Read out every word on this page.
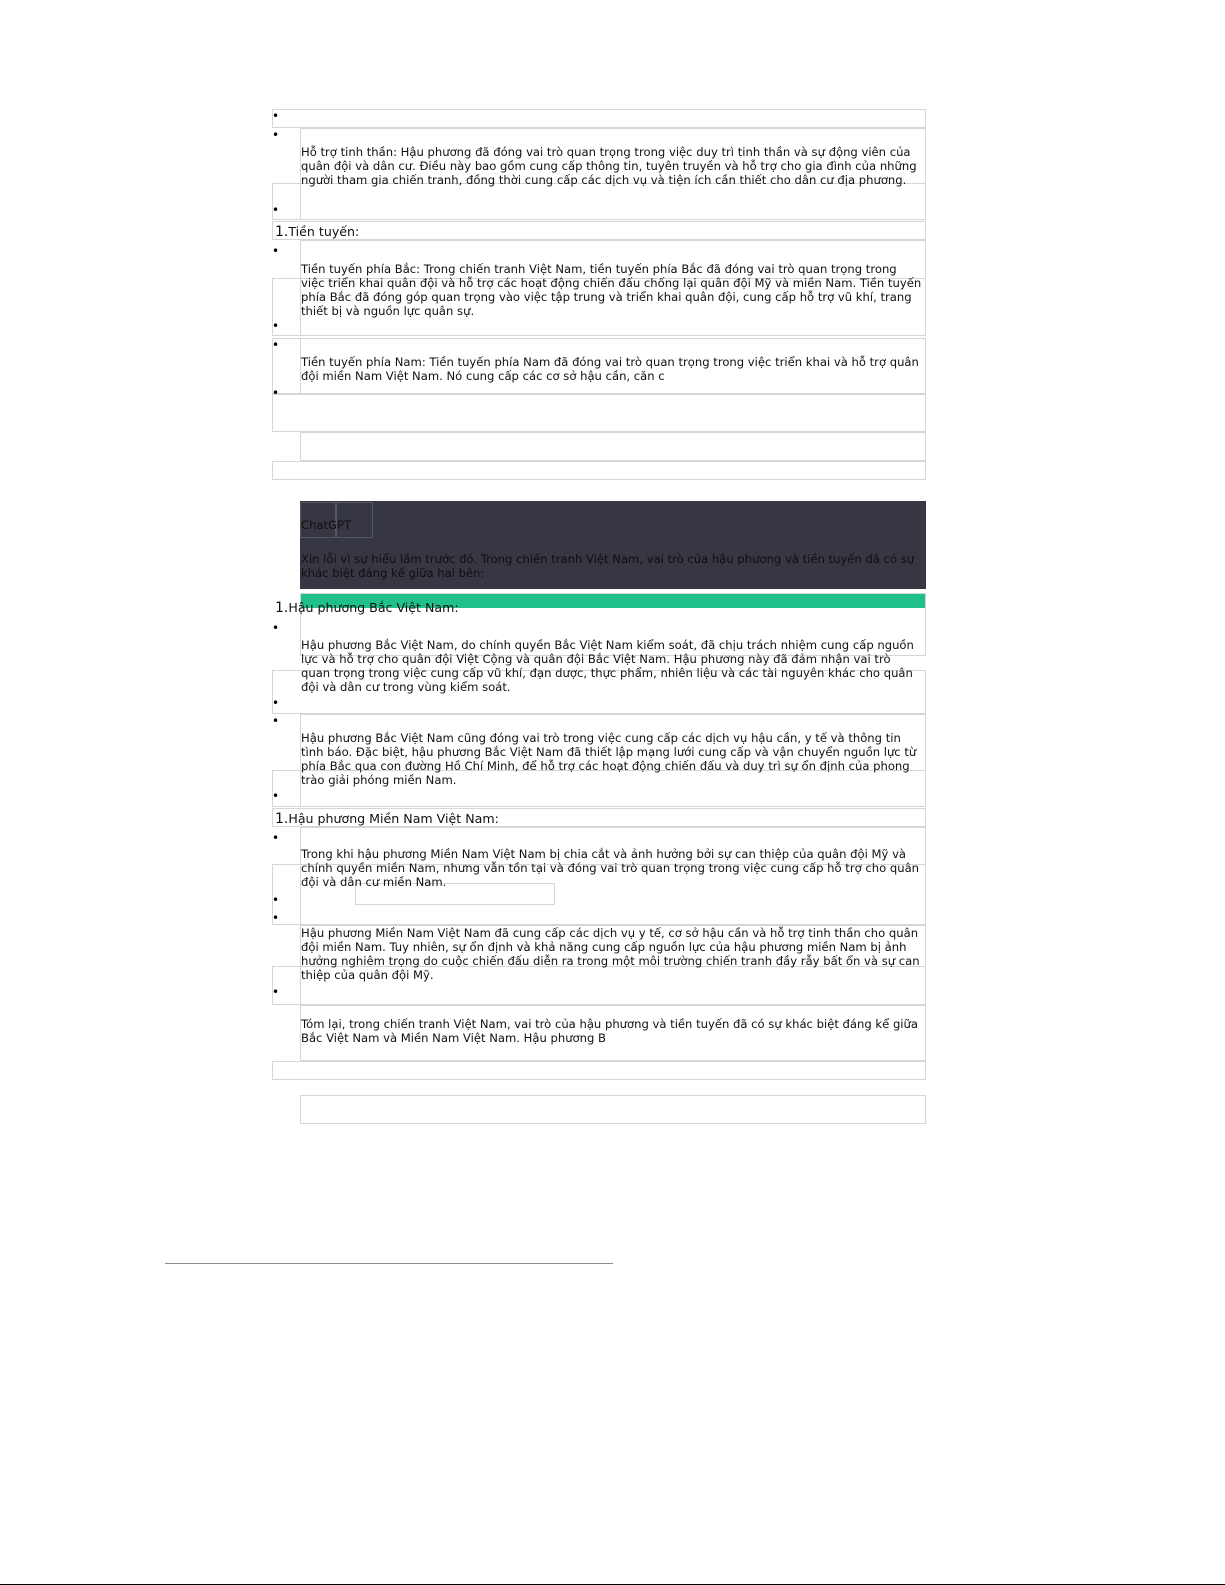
•
•
•
•
•
•
•
Hỗ trợ tinh thần: Hậu phương đã đóng vai trò quan trọng trong việc duy trì tinh thần và sự động viên của quân đội và dân cư. Điều này bao gồm cung cấp thông tin, tuyên truyền và hỗ trợ cho gia đình của những người tham gia chiến tranh, đồng thời cung cấp các dịch vụ và tiện ích cần thiết cho dân cư địa phương.
1.Tiền tuyến:
Tiền tuyến phía Bắc: Trong chiến tranh Việt Nam, tiền tuyến phía Bắc đã đóng vai trò quan trọng trong việc triển khai quân đội và hỗ trợ các hoạt động chiến đấu chống lại quân đội Mỹ và miền Nam. Tiền tuyến phía Bắc đã đóng góp quan trọng vào việc tập trung và triển khai quân đội, cung cấp hỗ trợ vũ khí, trang thiết bị và nguồn lực quân sự.
Tiền tuyến phía Nam: Tiền tuyến phía Nam đã đóng vai trò quan trọng trong việc triển khai và hỗ trợ quân đội miền Nam Việt Nam. Nó cung cấp các cơ sở hậu cần, căn c
ChatGPT
Xin lỗi vì sự hiểu lầm trước đó. Trong chiến tranh Việt Nam, vai trò của hậu phương và tiền tuyến đã có sự khác biệt đáng kể giữa hai bên:
1.Hậu phương Bắc Việt Nam:
•
•
•
•
Hậu phương Bắc Việt Nam, do chính quyền Bắc Việt Nam kiểm soát, đã chịu trách nhiệm cung cấp nguồn lực và hỗ trợ cho quân đội Việt Cộng và quân đội Bắc Việt Nam. Hậu phương này đã đảm nhận vai trò quan trọng trong việc cung cấp vũ khí, đạn dược, thực phẩm, nhiên liệu và các tài nguyên khác cho quân đội và dân cư trong vùng kiểm soát.
Hậu phương Bắc Việt Nam cũng đóng vai trò trong việc cung cấp các dịch vụ hậu cần, y tế và thông tin tình báo. Đặc biệt, hậu phương Bắc Việt Nam đã thiết lập mạng lưới cung cấp và vận chuyển nguồn lực từ phía Bắc qua con đường Hồ Chí Minh, để hỗ trợ các hoạt động chiến đấu và duy trì sự ổn định của phong trào giải phóng miền Nam.
1.Hậu phương Miền Nam Việt Nam:
•
•
•
•
Trong khi hậu phương Miền Nam Việt Nam bị chia cắt và ảnh hưởng bởi sự can thiệp của quân đội Mỹ và chính quyền miền Nam, nhưng vẫn tồn tại và đóng vai trò quan trọng trong việc cung cấp hỗ trợ cho quân đội và dân cư miền Nam.
Hậu phương Miền Nam Việt Nam đã cung cấp các dịch vụ y tế, cơ sở hậu cần và hỗ trợ tinh thần cho quân đội miền Nam. Tuy nhiên, sự ổn định và khả năng cung cấp nguồn lực của hậu phương miền Nam bị ảnh hưởng nghiêm trọng do cuộc chiến đấu diễn ra trong một môi trường chiến tranh đầy rẫy bất ổn và sự can thiệp của quân đội Mỹ.
Tóm lại, trong chiến tranh Việt Nam, vai trò của hậu phương và tiền tuyến đã có sự khác biệt đáng kể giữa Bắc Việt Nam và Miền Nam Việt Nam. Hậu phương B
